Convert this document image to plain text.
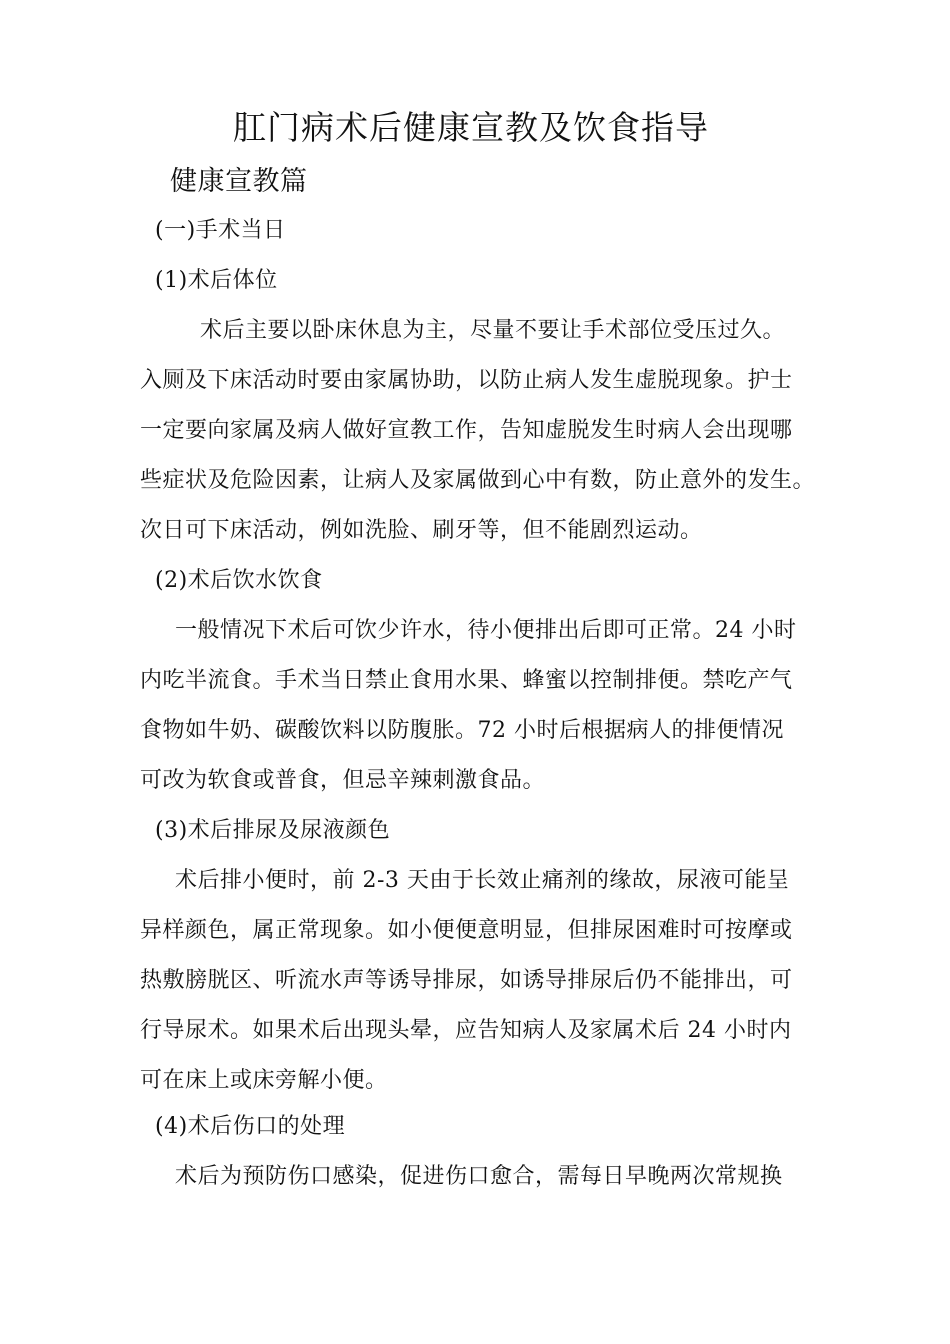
肛门病术后健康宣教及饮食指导
健康宣教篇
(一)手术当日
(1)术后体位
术后主要以卧床休息为主，尽量不要让手术部位受压过久。
入厕及下床活动时要由家属协助，以防止病人发生虚脱现象。护士
一定要向家属及病人做好宣教工作，告知虚脱发生时病人会出现哪
些症状及危险因素，让病人及家属做到心中有数，防止意外的发生。
次日可下床活动，例如洗脸、刷牙等，但不能剧烈运动。
(2)术后饮水饮食
一般情况下术后可饮少许水，待小便排出后即可正常。24 小时
内吃半流食。手术当日禁止食用水果、蜂蜜以控制排便。禁吃产气
食物如牛奶、碳酸饮料以防腹胀。72 小时后根据病人的排便情况
可改为软食或普食，但忌辛辣刺激食品。
(3)术后排尿及尿液颜色
术后排小便时，前 2-3 天由于长效止痛剂的缘故，尿液可能呈
异样颜色，属正常现象。如小便便意明显，但排尿困难时可按摩或
热敷膀胱区、听流水声等诱导排尿，如诱导排尿后仍不能排出，可
行导尿术。如果术后出现头晕，应告知病人及家属术后 24 小时内
可在床上或床旁解小便。
(4)术后伤口的处理
术后为预防伤口感染，促进伤口愈合，需每日早晚两次常规换
